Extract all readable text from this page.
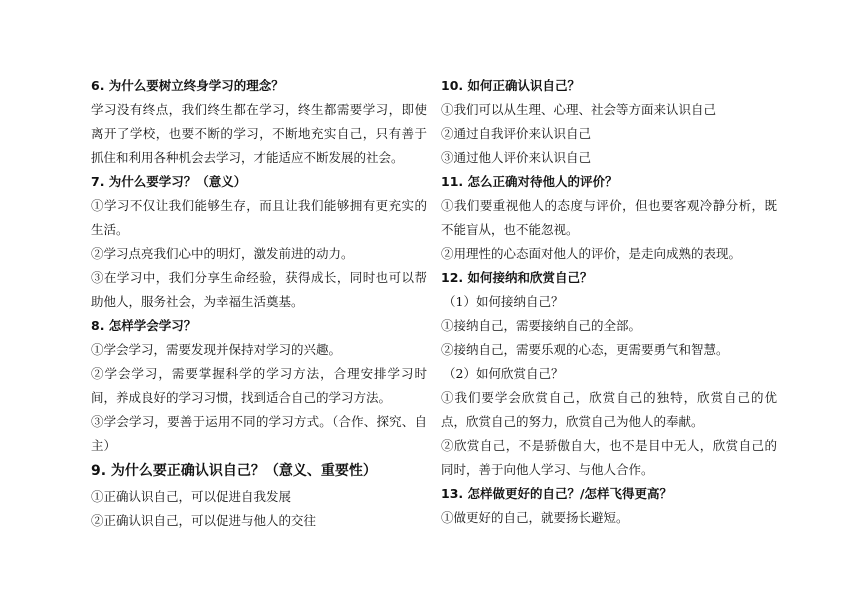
6. 为什么要树立终身学习的理念？

学习没有终点，我们终生都在学习，终生都需要学习，即使离开了学校，也要不断的学习，不断地充实自己，只有善于抓住和利用各种机会去学习，才能适应不断发展的社会。

7. 为什么要学习？（意义）

①学习不仅让我们能够生存，而且让我们能够拥有更充实的生活。

②学习点亮我们心中的明灯，激发前进的动力。

③在学习中，我们分享生命经验，获得成长，同时也可以帮助他人，服务社会，为幸福生活奠基。

8. 怎样学会学习？

①学会学习，需要发现并保持对学习的兴趣。

②学会学习，需要掌握科学的学习方法，合理安排学习时间，养成良好的学习习惯，找到适合自己的学习方法。

③学会学习，要善于运用不同的学习方式。（合作、探究、自主）

9. 为什么要正确认识自己？（意义、重要性）

①正确认识自己，可以促进自我发展

②正确认识自己，可以促进与他人的交往

10. 如何正确认识自己？

①我们可以从生理、心理、社会等方面来认识自己

②通过自我评价来认识自己

③通过他人评价来认识自己

11. 怎么正确对待他人的评价？

①我们要重视他人的态度与评价，但也要客观冷静分析，既不能盲从，也不能忽视。

②用理性的心态面对他人的评价，是走向成熟的表现。

12. 如何接纳和欣赏自己？

（1）如何接纳自己？

①接纳自己，需要接纳自己的全部。

②接纳自己，需要乐观的心态，更需要勇气和智慧。

（2）如何欣赏自己？

①我们要学会欣赏自己，欣赏自己的独特，欣赏自己的优点，欣赏自己的努力，欣赏自己为他人的奉献。

②欣赏自己，不是骄傲自大，也不是目中无人，欣赏自己的同时，善于向他人学习、与他人合作。

13. 怎样做更好的自己？/怎样飞得更高？

①做更好的自己，就要扬长避短。
